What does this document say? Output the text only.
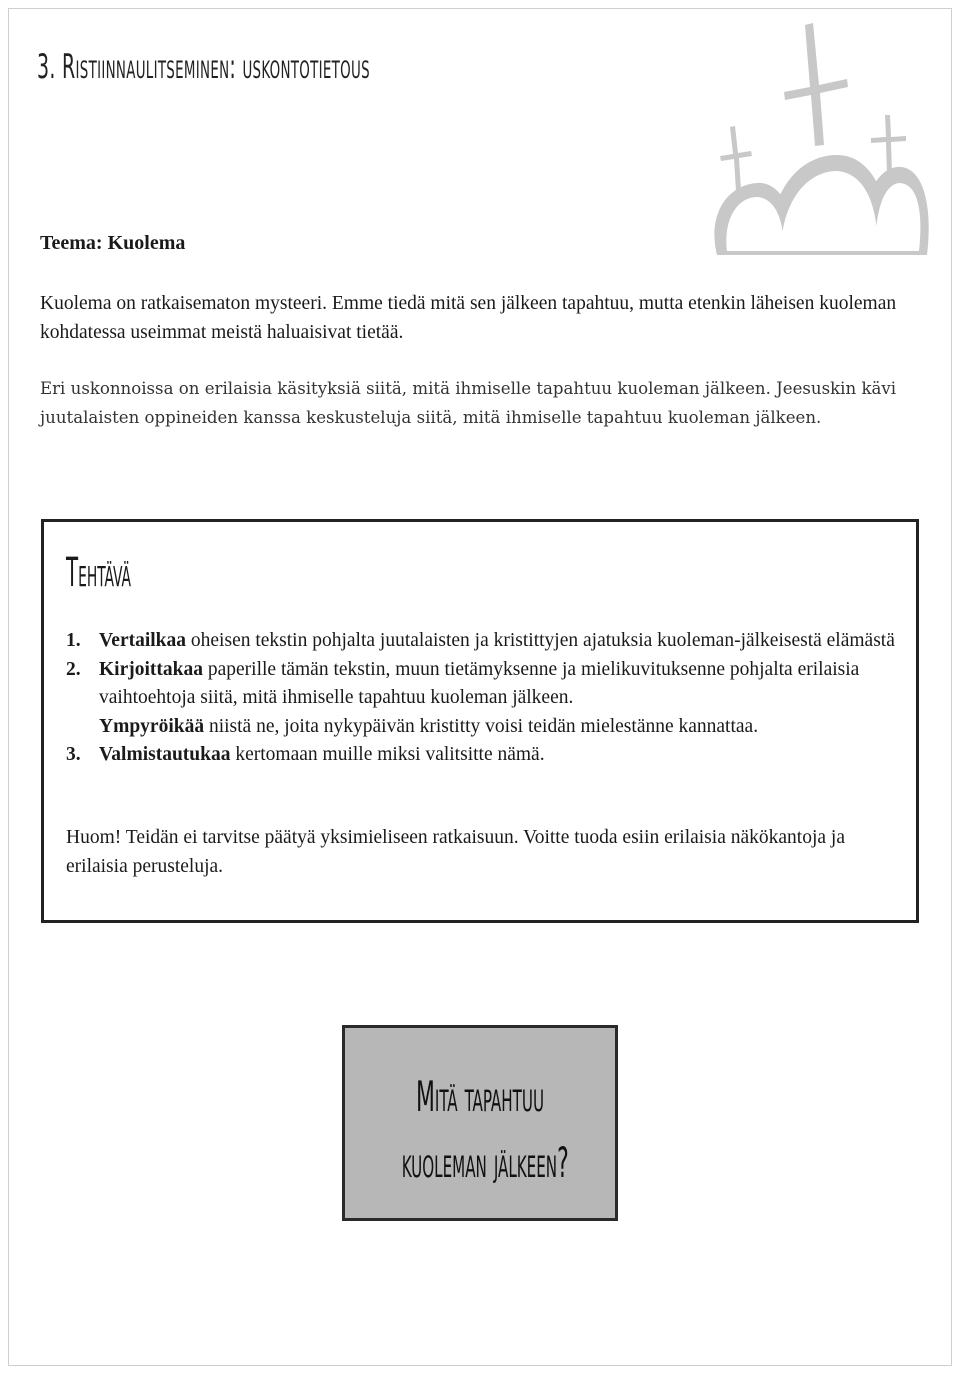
3. Ristiinnaulitseminen: uskontotietous
Teema: Kuolema
Kuolema on ratkaisematon mysteeri. Emme tiedä mitä sen jälkeen tapahtuu, mutta etenkin läheisen kuoleman kohdatessa useimmat meistä haluaisivat tietää.
Eri uskonnoissa on erilaisia käsityksiä siitä, mitä ihmiselle tapahtuu kuoleman jälkeen. Jeesuskin kävi juutalaisten oppineiden kanssa keskusteluja siitä, mitä ihmiselle tapahtuu kuoleman jälkeen.
Tehtävä
1. Vertailkaa oheisen tekstin pohjalta juutalaisten ja kristittyjen ajatuksia kuoleman-jälkeisestä elämästä
2. Kirjoittakaa paperille tämän tekstin, muun tietämyksenne ja mielikuvituksenne pohjalta erilaisia vaihtoehtoja siitä, mitä ihmiselle tapahtuu kuoleman jälkeen.
Ympyröikää niistä ne, joita nykypäivän kristitty voisi teidän mielestänne kannattaa.
3. Valmistautukaa kertomaan muille miksi valitsitte nämä.
Huom! Teidän ei tarvitse päätyä yksimieliseen ratkaisuun. Voitte tuoda esiin erilaisia näkökantoja ja erilaisia perusteluja.
Mitä tapahtuu
kuoleman jälkeen?
